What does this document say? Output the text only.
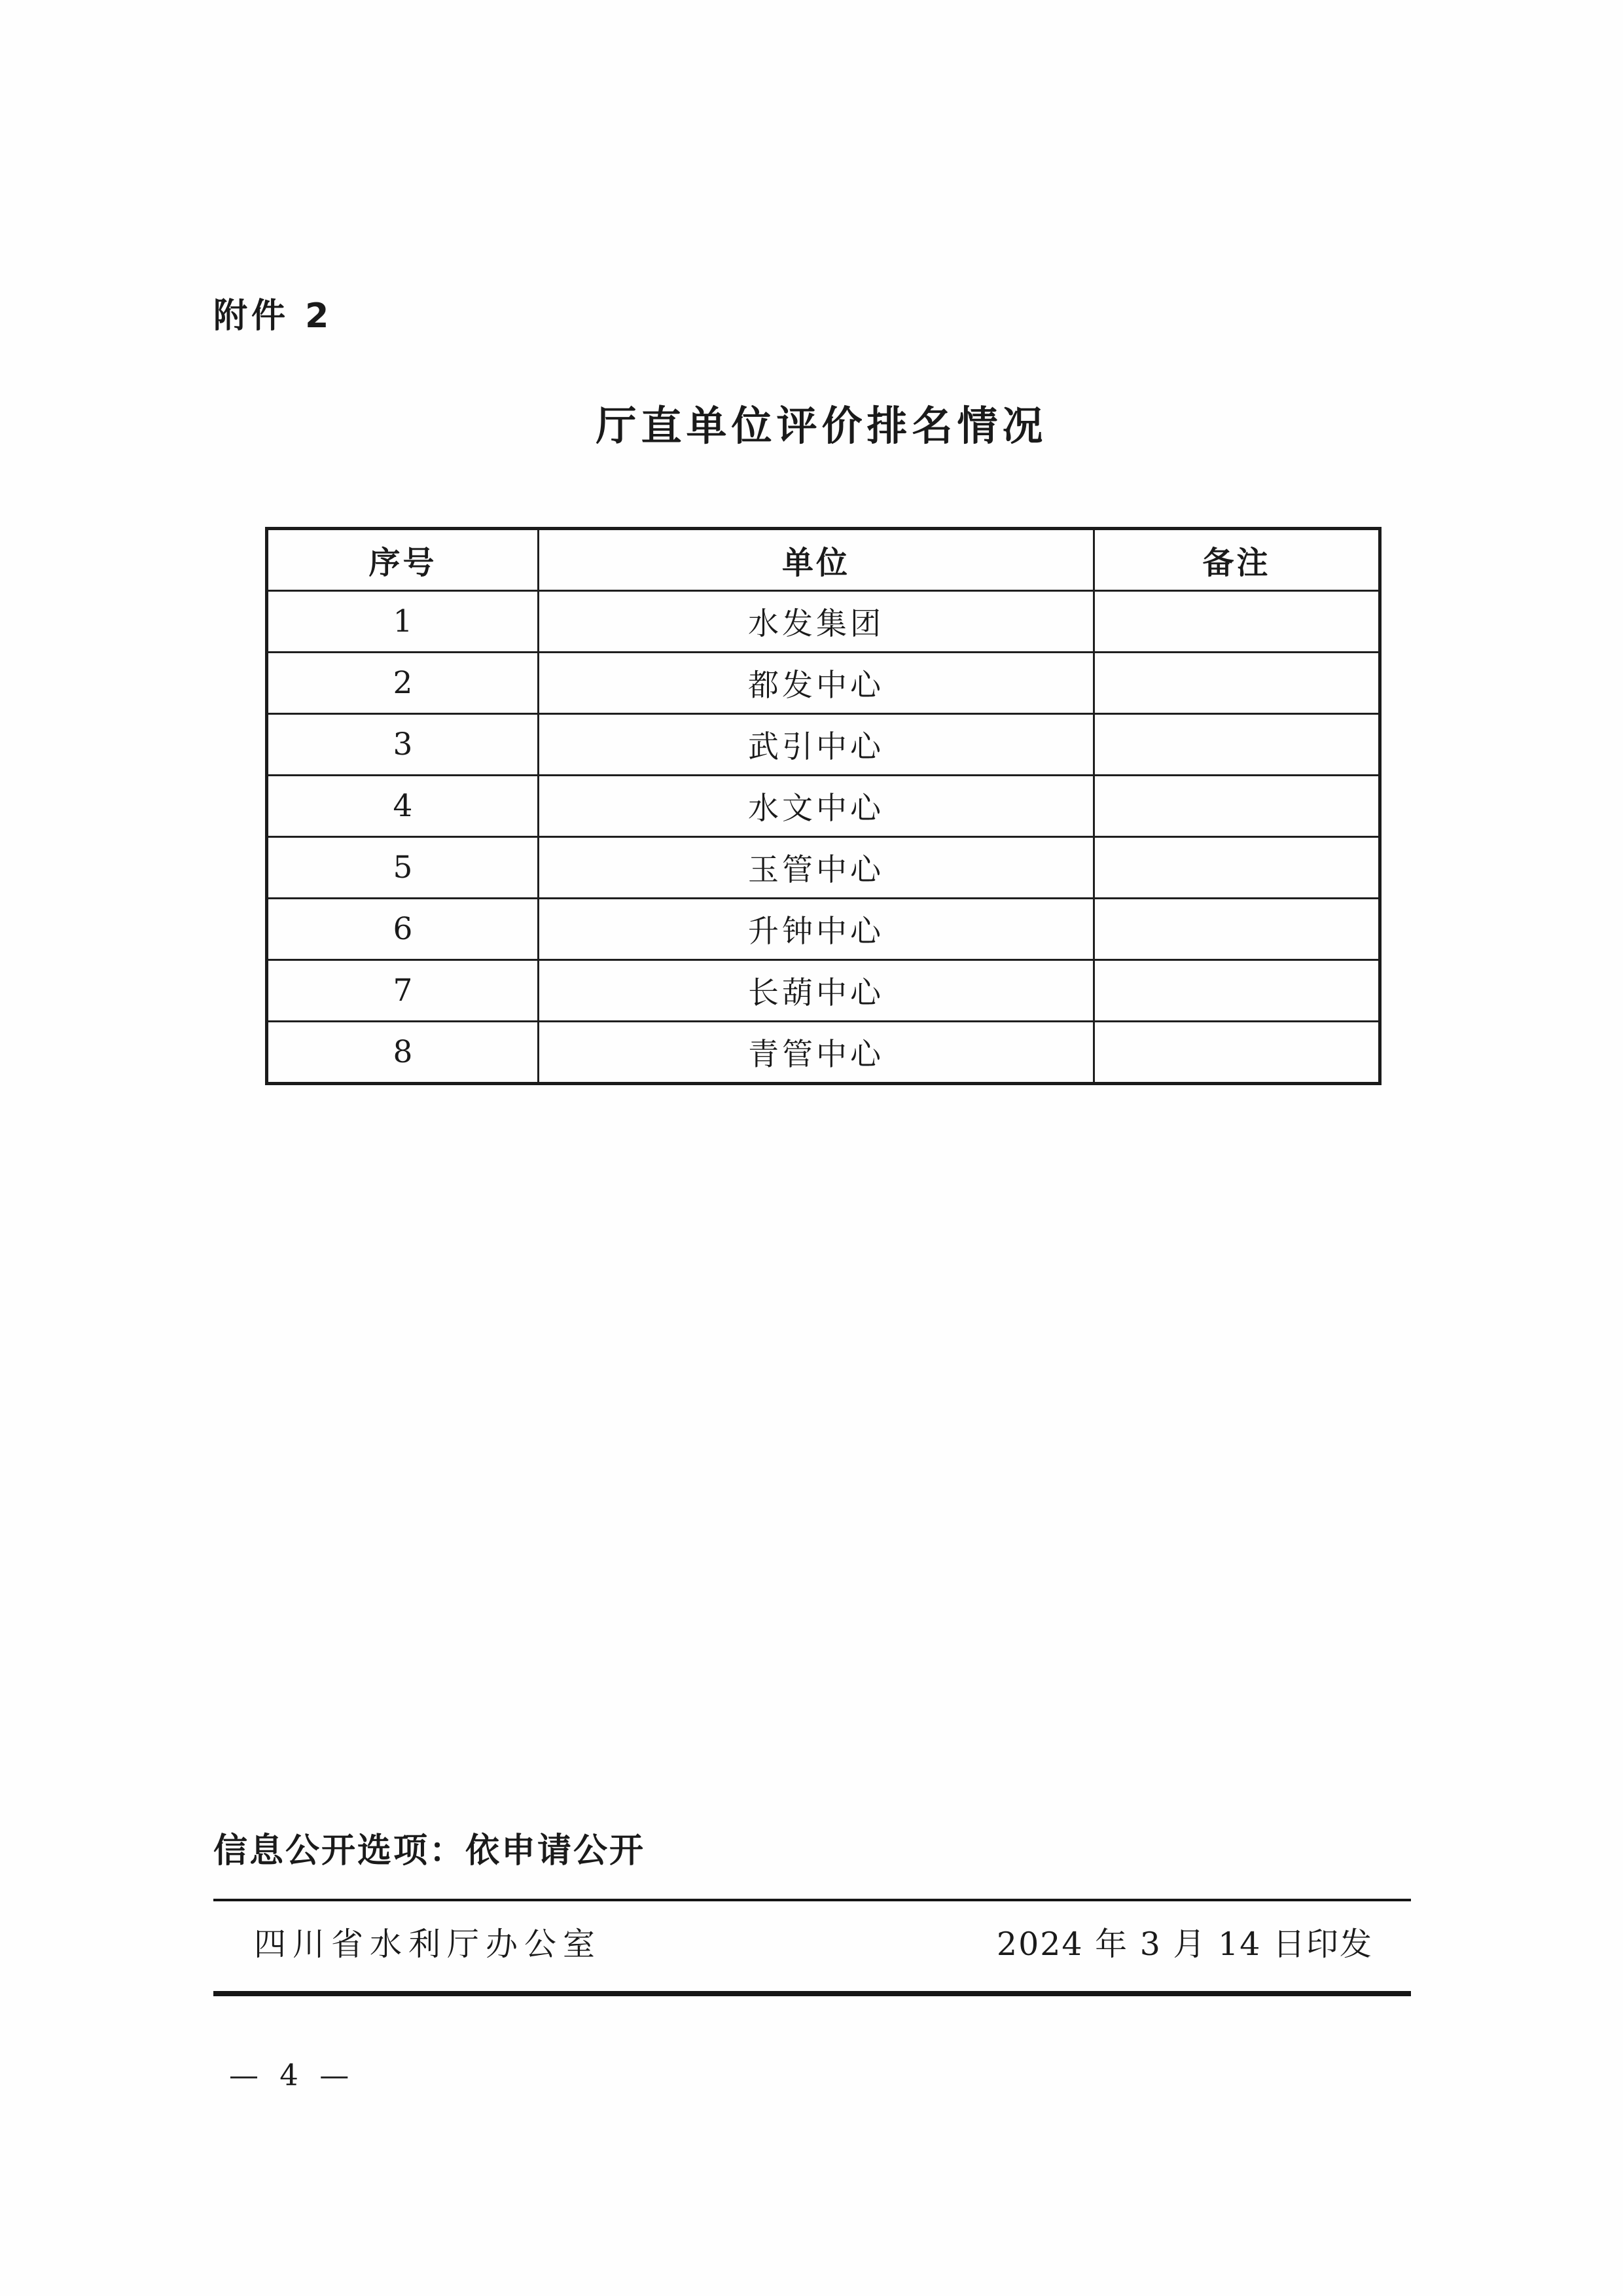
附件 2
厅直单位评价排名情况
序号	单位	备注
1	水发集团	
2	都发中心	
3	武引中心	
4	水文中心	
5	玉管中心	
6	升钟中心	
7	长葫中心	
8	青管中心	
信息公开选项：依申请公开
四川省水利厅办公室	2024 年 3 月 14 日印发
— 4 —
